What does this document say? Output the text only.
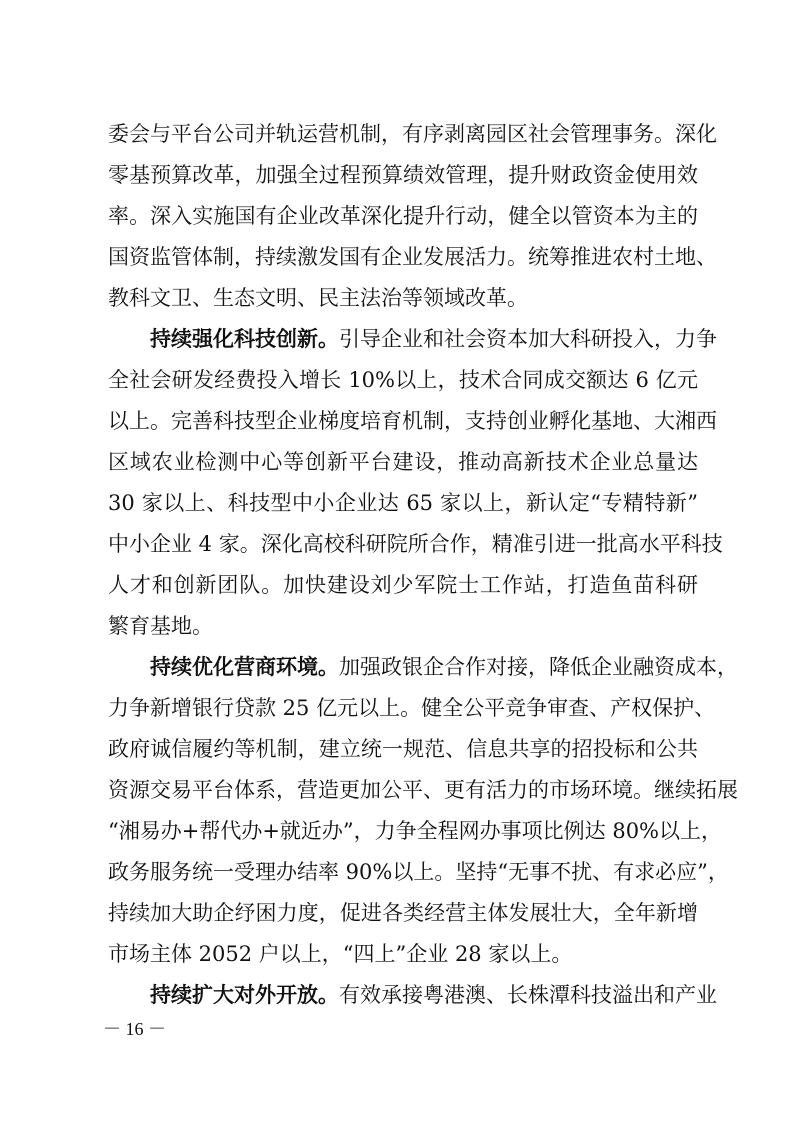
委会与平台公司并轨运营机制，有序剥离园区社会管理事务。深化
零基预算改革，加强全过程预算绩效管理，提升财政资金使用效
率。深入实施国有企业改革深化提升行动，健全以管资本为主的
国资监管体制，持续激发国有企业发展活力。统筹推进农村土地、
教科文卫、生态文明、民主法治等领域改革。
持续强化科技创新。引导企业和社会资本加大科研投入，力争
全社会研发经费投入增长 10%以上，技术合同成交额达 6 亿元
以上。完善科技型企业梯度培育机制，支持创业孵化基地、大湘西
区域农业检测中心等创新平台建设，推动高新技术企业总量达
30 家以上、科技型中小企业达 65 家以上，新认定“专精特新”
中小企业 4 家。深化高校科研院所合作，精准引进一批高水平科技
人才和创新团队。加快建设刘少军院士工作站，打造鱼苗科研
繁育基地。
持续优化营商环境。加强政银企合作对接，降低企业融资成本，
力争新增银行贷款 25 亿元以上。健全公平竞争审查、产权保护、
政府诚信履约等机制，建立统一规范、信息共享的招投标和公共
资源交易平台体系，营造更加公平、更有活力的市场环境。继续拓展
“湘易办+帮代办+就近办”，力争全程网办事项比例达 80%以上，
政务服务统一受理办结率 90%以上。坚持“无事不扰、有求必应”，
持续加大助企纾困力度，促进各类经营主体发展壮大，全年新增
市场主体 2052 户以上，“四上”企业 28 家以上。
持续扩大对外开放。有效承接粤港澳、长株潭科技溢出和产业
－ 16 －
